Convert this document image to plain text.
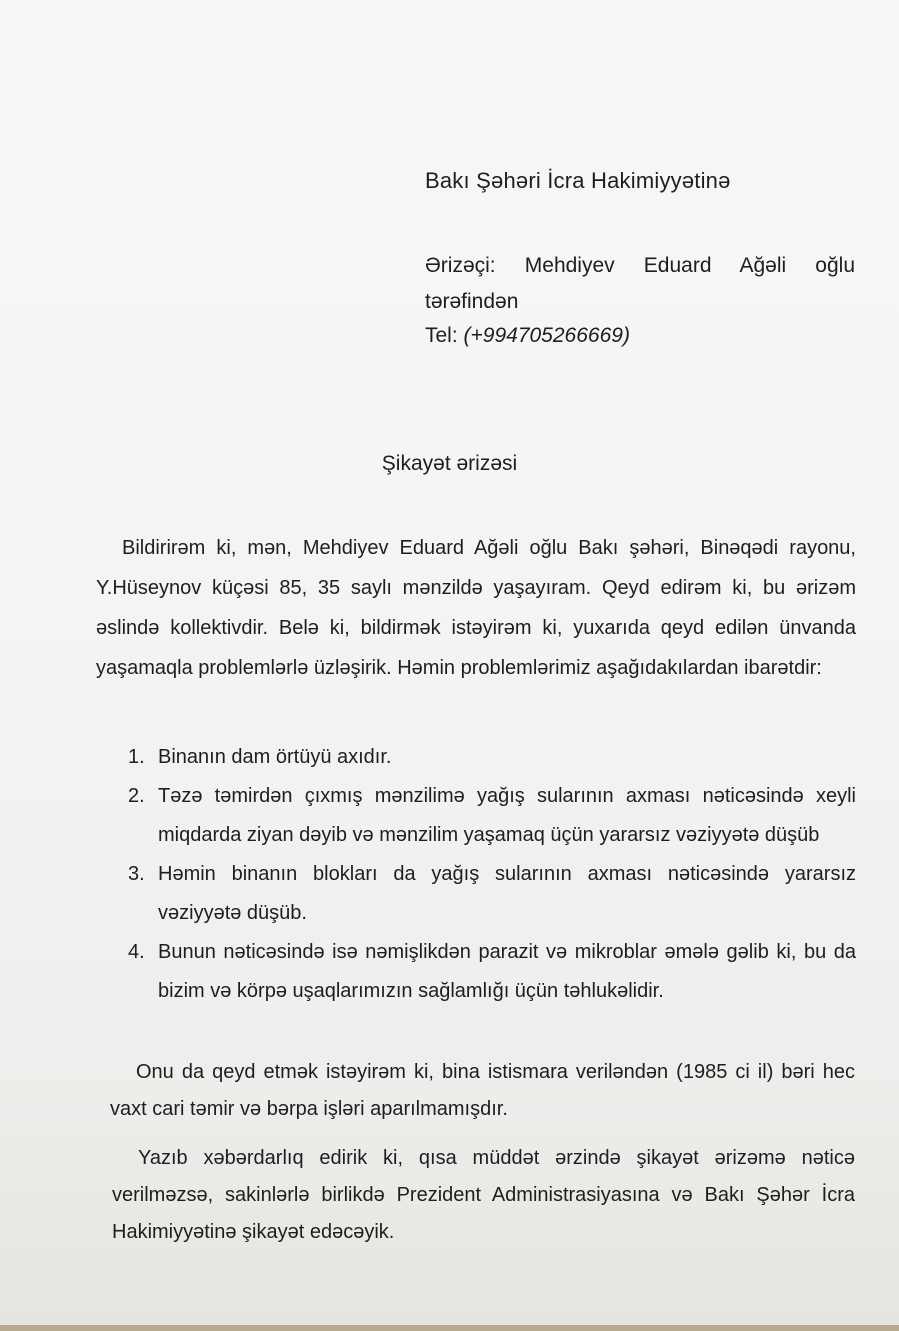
Bakı Şəhəri İcra Hakimiyyətinə
Ərizəçi: Mehdiyev Eduard Ağəli oğlu tərəfindən
Tel: (+994705266669)
Şikayət ərizəsi
Bildirirəm ki, mən, Mehdiyev Eduard Ağəli oğlu Bakı şəhəri, Binəqədi rayonu, Y.Hüseynov küçəsi 85, 35 saylı mənzildə yaşayıram. Qeyd edirəm ki, bu ərizəm əslində kollektivdir. Belə ki, bildirmək istəyirəm ki, yuxarıda qeyd edilən ünvanda yaşamaqla problemlərlə üzləşirik. Həmin problemlərimiz aşağıdakılardan ibarətdir:
1. Binanın dam örtüyü axıdır.
2. Təzə təmirdən çıxmış mənzilimə yağış sularının axması nəticəsində xeyli miqdarda ziyan dəyib və mənzilim yaşamaq üçün yararsız vəziyyətə düşüb
3. Həmin binanın blokları da yağış sularının axması nəticəsində yararsız vəziyyətə düşüb.
4. Bunun nəticəsində isə nəmişlikdən parazit və mikroblar əmələ gəlib ki, bu da bizim və körpə uşaqlarımızın sağlamlığı üçün təhlukəlidir.
Onu da qeyd etmək istəyirəm ki, bina istismara veriləndən (1985 ci il) bəri hec vaxt cari təmir və bərpa işləri aparılmamışdır.
Yazıb xəbərdarlıq edirik ki, qısa müddət ərzində şikayət ərizəmə nəticə verilməzsə, sakinlərlə birlikdə Prezident Administrasiyasına və Bakı Şəhər İcra Hakimiyyətinə şikayət edəcəyik.
